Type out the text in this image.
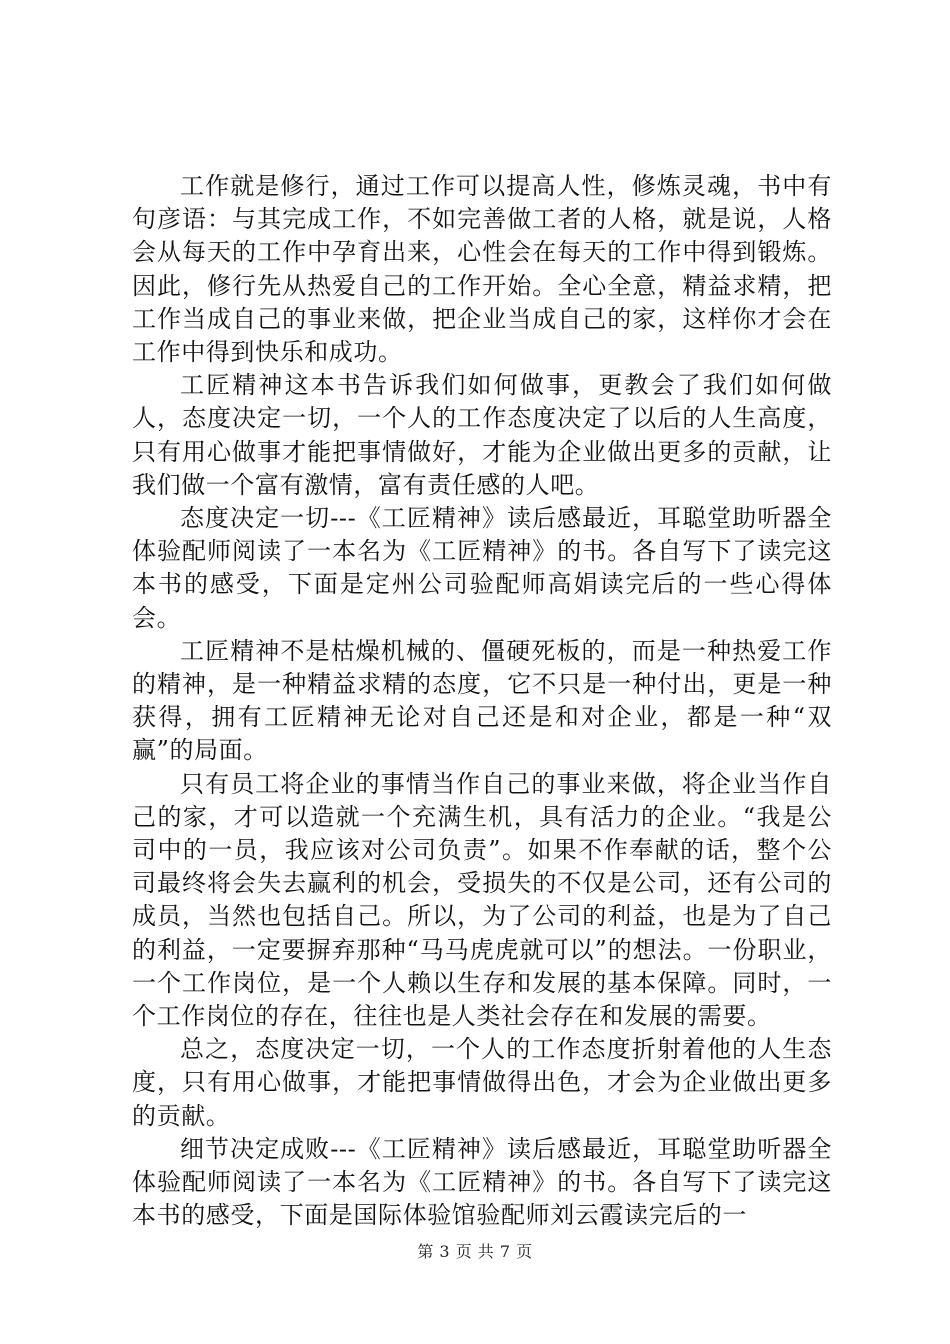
工作就是修行，通过工作可以提高人性，修炼灵魂，书中有句彦语：与其完成工作，不如完善做工者的人格，就是说，人格会从每天的工作中孕育出来，心性会在每天的工作中得到锻炼。因此，修行先从热爱自己的工作开始。全心全意，精益求精，把工作当成自己的事业来做，把企业当成自己的家，这样你才会在工作中得到快乐和成功。

工匠精神这本书告诉我们如何做事，更教会了我们如何做人，态度决定一切，一个人的工作态度决定了以后的人生高度，只有用心做事才能把事情做好，才能为企业做出更多的贡献，让我们做一个富有激情，富有责任感的人吧。

态度决定一切---《工匠精神》读后感最近，耳聪堂助听器全体验配师阅读了一本名为《工匠精神》的书。各自写下了读完这本书的感受，下面是定州公司验配师高娟读完后的一些心得体会。

工匠精神不是枯燥机械的、僵硬死板的，而是一种热爱工作的精神，是一种精益求精的态度，它不只是一种付出，更是一种获得，拥有工匠精神无论对自己还是和对企业，都是一种“双赢”的局面。

只有员工将企业的事情当作自己的事业来做，将企业当作自己的家，才可以造就一个充满生机，具有活力的企业。“我是公司中的一员，我应该对公司负责”。如果不作奉献的话，整个公司最终将会失去赢利的机会，受损失的不仅是公司，还有公司的成员，当然也包括自己。所以，为了公司的利益，也是为了自己的利益，一定要摒弃那种“马马虎虎就可以”的想法。一份职业，一个工作岗位，是一个人赖以生存和发展的基本保障。同时，一个工作岗位的存在，往往也是人类社会存在和发展的需要。

总之，态度决定一切，一个人的工作态度折射着他的人生态度，只有用心做事，才能把事情做得出色，才会为企业做出更多的贡献。

细节决定成败---《工匠精神》读后感最近，耳聪堂助听器全体验配师阅读了一本名为《工匠精神》的书。各自写下了读完这本书的感受，下面是国际体验馆验配师刘云霞读完后的一

第 3 页 共 7 页
